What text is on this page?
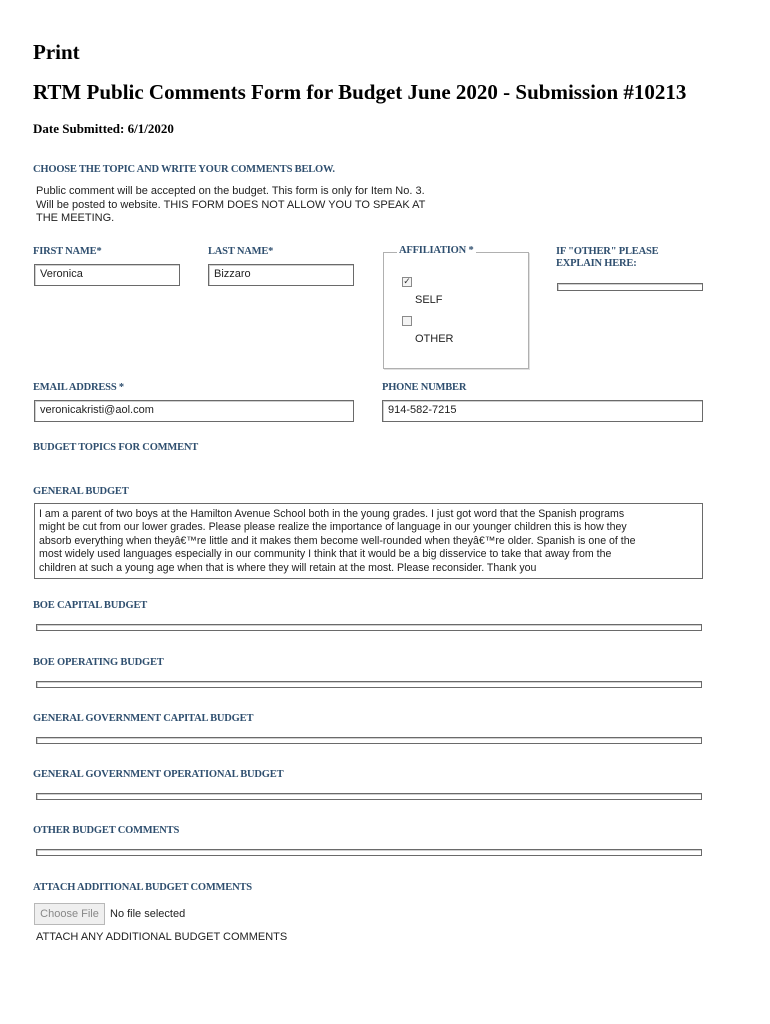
Print
RTM Public Comments Form for Budget June 2020 - Submission #10213
Date Submitted: 6/1/2020
CHOOSE THE TOPIC AND WRITE YOUR COMMENTS BELOW.
Public comment will be accepted on the budget. This form is only for Item No. 3.
Will be posted to website. THIS FORM DOES NOT ALLOW YOU TO SPEAK AT
THE MEETING.
FIRST NAME*
Veronica
LAST NAME*
Bizzaro
AFFILIATION *
✓
SELF
OTHER
IF "OTHER" PLEASE
EXPLAIN HERE:
EMAIL ADDRESS *
veronicakristi@aol.com
PHONE NUMBER
914-582-7215
BUDGET TOPICS FOR COMMENT
GENERAL BUDGET
I am a parent of two boys at the Hamilton Avenue School both in the young grades. I just got word that the Spanish programs
might be cut from our lower grades. Please please realize the importance of language in our younger children this is how they
absorb everything when theyâ€™re little and it makes them become well-rounded when theyâ€™re older. Spanish is one of the
most widely used languages especially in our community I think that it would be a big disservice to take that away from the
children at such a young age when that is where they will retain at the most. Please reconsider. Thank you
BOE CAPITAL BUDGET
BOE OPERATING BUDGET
GENERAL GOVERNMENT CAPITAL BUDGET
GENERAL GOVERNMENT OPERATIONAL BUDGET
OTHER BUDGET COMMENTS
ATTACH ADDITIONAL BUDGET COMMENTS
Choose File	No file selected
ATTACH ANY ADDITIONAL BUDGET COMMENTS
